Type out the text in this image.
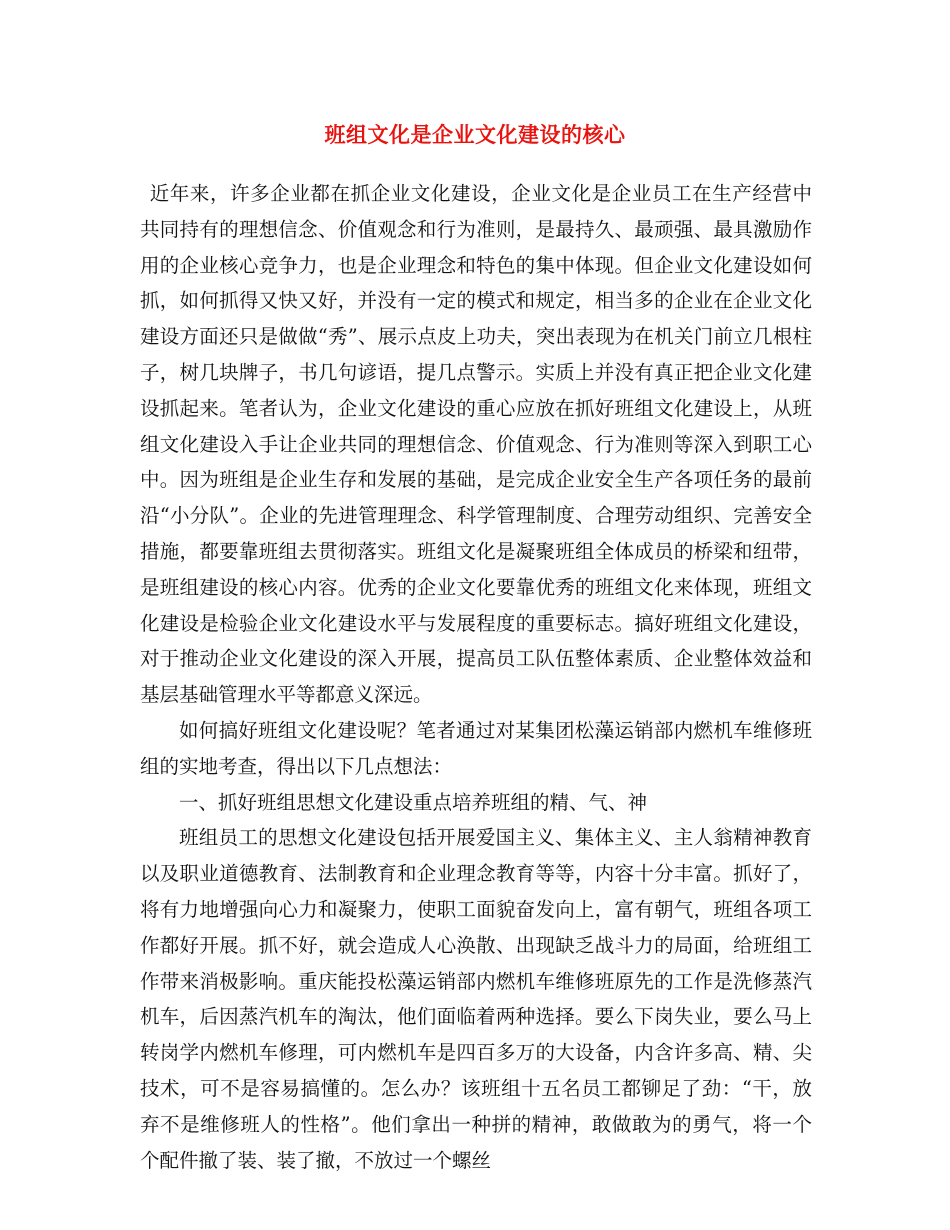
班组文化是企业文化建设的核心

近年来，许多企业都在抓企业文化建设，企业文化是企业员工在生产经营中共同持有的理想信念、价值观念和行为准则，是最持久、最顽强、最具激励作用的企业核心竞争力，也是企业理念和特色的集中体现。但企业文化建设如何抓，如何抓得又快又好，并没有一定的模式和规定，相当多的企业在企业文化建设方面还只是做做“秀”、展示点皮上功夫，突出表现为在机关门前立几根柱子，树几块牌子，书几句谚语，提几点警示。实质上并没有真正把企业文化建设抓起来。笔者认为，企业文化建设的重心应放在抓好班组文化建设上，从班组文化建设入手让企业共同的理想信念、价值观念、行为准则等深入到职工心中。因为班组是企业生存和发展的基础，是完成企业安全生产各项任务的最前沿“小分队”。企业的先进管理理念、科学管理制度、合理劳动组织、完善安全措施，都要靠班组去贯彻落实。班组文化是凝聚班组全体成员的桥梁和纽带，是班组建设的核心内容。优秀的企业文化要靠优秀的班组文化来体现，班组文化建设是检验企业文化建设水平与发展程度的重要标志。搞好班组文化建设，对于推动企业文化建设的深入开展，提高员工队伍整体素质、企业整体效益和基层基础管理水平等都意义深远。

如何搞好班组文化建设呢？笔者通过对某集团松藻运销部内燃机车维修班组的实地考查，得出以下几点想法：

一、抓好班组思想文化建设重点培养班组的精、气、神

班组员工的思想文化建设包括开展爱国主义、集体主义、主人翁精神教育以及职业道德教育、法制教育和企业理念教育等等，内容十分丰富。抓好了，将有力地增强向心力和凝聚力，使职工面貌奋发向上，富有朝气，班组各项工作都好开展。抓不好，就会造成人心涣散、出现缺乏战斗力的局面，给班组工作带来消极影响。重庆能投松藻运销部内燃机车维修班原先的工作是洗修蒸汽机车，后因蒸汽机车的淘汰，他们面临着两种选择。要么下岗失业，要么马上转岗学内燃机车修理，可内燃机车是四百多万的大设备，内含许多高、精、尖技术，可不是容易搞懂的。怎么办？该班组十五名员工都铆足了劲：“干，放弃不是维修班人的性格”。他们拿出一种拼的精神，敢做敢为的勇气，将一个个配件撤了装、装了撤，不放过一个螺丝
